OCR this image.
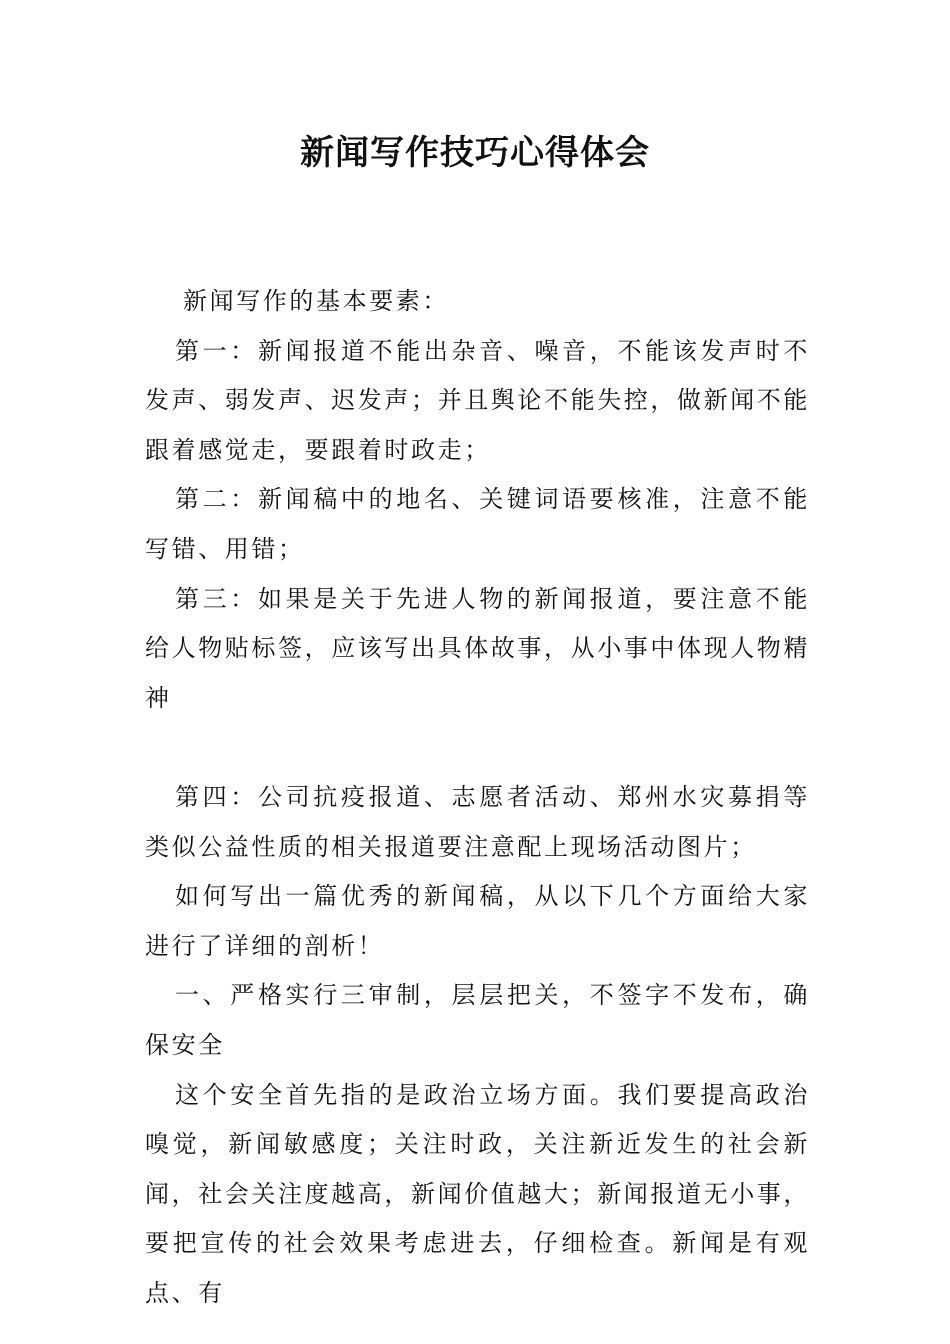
新闻写作技巧心得体会

新闻写作的基本要素：

第一：新闻报道不能出杂音、噪音，不能该发声时不发声、弱发声、迟发声；并且舆论不能失控，做新闻不能跟着感觉走，要跟着时政走；

第二：新闻稿中的地名、关键词语要核准，注意不能写错、用错；

第三：如果是关于先进人物的新闻报道，要注意不能给人物贴标签，应该写出具体故事，从小事中体现人物精神

第四：公司抗疫报道、志愿者活动、郑州水灾募捐等类似公益性质的相关报道要注意配上现场活动图片；

如何写出一篇优秀的新闻稿，从以下几个方面给大家进行了详细的剖析！

一、严格实行三审制，层层把关，不签字不发布，确保安全

这个安全首先指的是政治立场方面。我们要提高政治嗅觉，新闻敏感度；关注时政，关注新近发生的社会新闻，社会关注度越高，新闻价值越大；新闻报道无小事，要把宣传的社会效果考虑进去，仔细检查。新闻是有观点、有
